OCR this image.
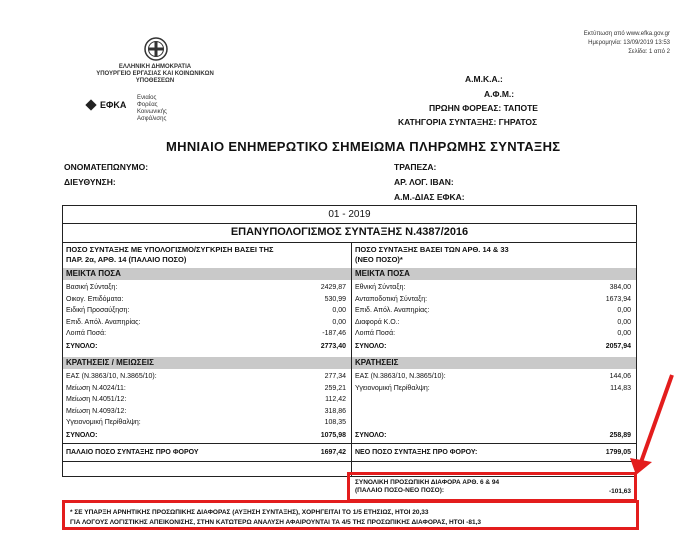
Εκτύπωση από www.efka.gov.gr
Ημερομηνία: 13/09/2019 13:53
Σελίδα: 1 από 2
ΕΛΛΗΝΙΚΗ ΔΗΜΟΚΡΑΤΙΑ
ΥΠΟΥΡΓΕΙΟ ΕΡΓΑΣΙΑΣ ΚΑΙ ΚΟΙΝΩΝΙΚΩΝ
ΥΠΟΘΕΣΕΩΝ
ΕΦΚΑ
Ενιαίος
Φορέας
Κοινωνικής
Ασφάλισης
Α.Μ.Κ.Α.:
Α.Φ.Μ.:
ΠΡΩΗΝ ΦΟΡΕΑΣ: ΤΑΠΟΤΕ
ΚΑΤΗΓΟΡΙΑ ΣΥΝΤΑΞΗΣ: ΓΗΡΑΤΟΣ
ΜΗΝΙΑΙΟ ΕΝΗΜΕΡΩΤΙΚΟ ΣΗΜΕΙΩΜΑ ΠΛΗΡΩΜΗΣ ΣΥΝΤΑΞΗΣ
ΟΝΟΜΑΤΕΠΩΝΥΜΟ:
ΔΙΕΥΘΥΝΣΗ:
ΤΡΑΠΕΖΑ:
ΑΡ. ΛΟΓ. ΙΒΑΝ:
Α.Μ.-ΔΙΑΣ ΕΦΚΑ:
01 - 2019
ΕΠΑΝΥΠΟΛΟΓΙΣΜΟΣ ΣΥΝΤΑΞΗΣ Ν.4387/2016
ΠΟΣΟ ΣΥΝΤΑΞΗΣ ΜΕ ΥΠΟΛΟΓΙΣΜΟ/ΣΥΓΚΡΙΣΗ ΒΑΣΕΙ ΤΗΣ
ΠΑΡ. 2α, ΑΡΘ. 14 (ΠΑΛΑΙΟ ΠΟΣΟ)
ΜΕΙΚΤΑ ΠΟΣΑ
ΣΥΝΟΛΟ:	2773,40
ΚΡΑΤΗΣΕΙΣ / ΜΕΙΩΣΕΙΣ
ΣΥΝΟΛΟ:	1075,98
ΠΑΛΑΙΟ ΠΟΣΟ ΣΥΝΤΑΞΗΣ ΠΡΟ ΦΟΡΟΥ	1697,42
ΠΟΣΟ ΣΥΝΤΑΞΗΣ ΒΑΣΕΙ ΤΩΝ ΑΡΘ. 14 & 33
(ΝΕΟ ΠΟΣΟ)*
ΜΕΙΚΤΑ ΠΟΣΑ
ΣΥΝΟΛΟ:	2057,94
ΚΡΑΤΗΣΕΙΣ
ΣΥΝΟΛΟ:	258,89
ΝΕΟ ΠΟΣΟ ΣΥΝΤΑΞΗΣ ΠΡΟ ΦΟΡΟΥ:	1799,05
Βασική Σύνταξη:	2429,87
Οικογ. Επιδόματα:	530,99
Ειδική Προσαύξηση:	0,00
Επιδ. Απόλ. Αναπηρίας:	0,00
Λοιπά Ποσά:	-187,46
Εθνική Σύνταξη:	384,00
Ανταποδοτική Σύνταξη:	1673,94
Επιδ. Απόλ. Αναπηρίας:	0,00
Διαφορά Κ.Ο.:	0,00
Λοιπά Ποσά:	0,00
ΕΑΣ (Ν.3863/10, Ν.3865/10):	277,34
Μείωση Ν.4024/11:	259,21
Μείωση Ν.4051/12:	112,42
Μείωση Ν.4093/12:	318,86
Υγειονομική Περίθαλψη:	108,35
ΕΑΣ (Ν.3863/10, Ν.3865/10):	144,06
Υγειονομική Περίθαλψη:	114,83
ΣΥΝΟΛΙΚΗ ΠΡΟΣΩΠΙΚΗ ΔΙΑΦΟΡΑ ΑΡΘ. 6 & 94
(ΠΑΛΑΙΟ ΠΟΣΟ-ΝΕΟ ΠΟΣΟ):	-101,63
* ΣΕ ΥΠΑΡΞΗ ΑΡΝΗΤΙΚΗΣ ΠΡΟΣΩΠΙΚΗΣ ΔΙΑΦΟΡΑΣ (ΑΥΞΗΣΗ ΣΥΝΤΑΞΗΣ), ΧΟΡΗΓΕΙΤΑΙ ΤΟ 1/5 ΕΤΗΣΙΩΣ, ΗΤΟΙ 20,33
ΓΙΑ ΛΟΓΟΥΣ ΛΟΓΙΣΤΙΚΗΣ ΑΠΕΙΚΟΝΙΣΗΣ, ΣΤΗΝ ΚΑΤΩΤΕΡΩ ΑΝΑΛΥΣΗ ΑΦΑΙΡΟΥΝΤΑΙ ΤΑ 4/5 ΤΗΣ ΠΡΟΣΩΠΙΚΗΣ ΔΙΑΦΟΡΑΣ, ΗΤΟΙ -81,3
